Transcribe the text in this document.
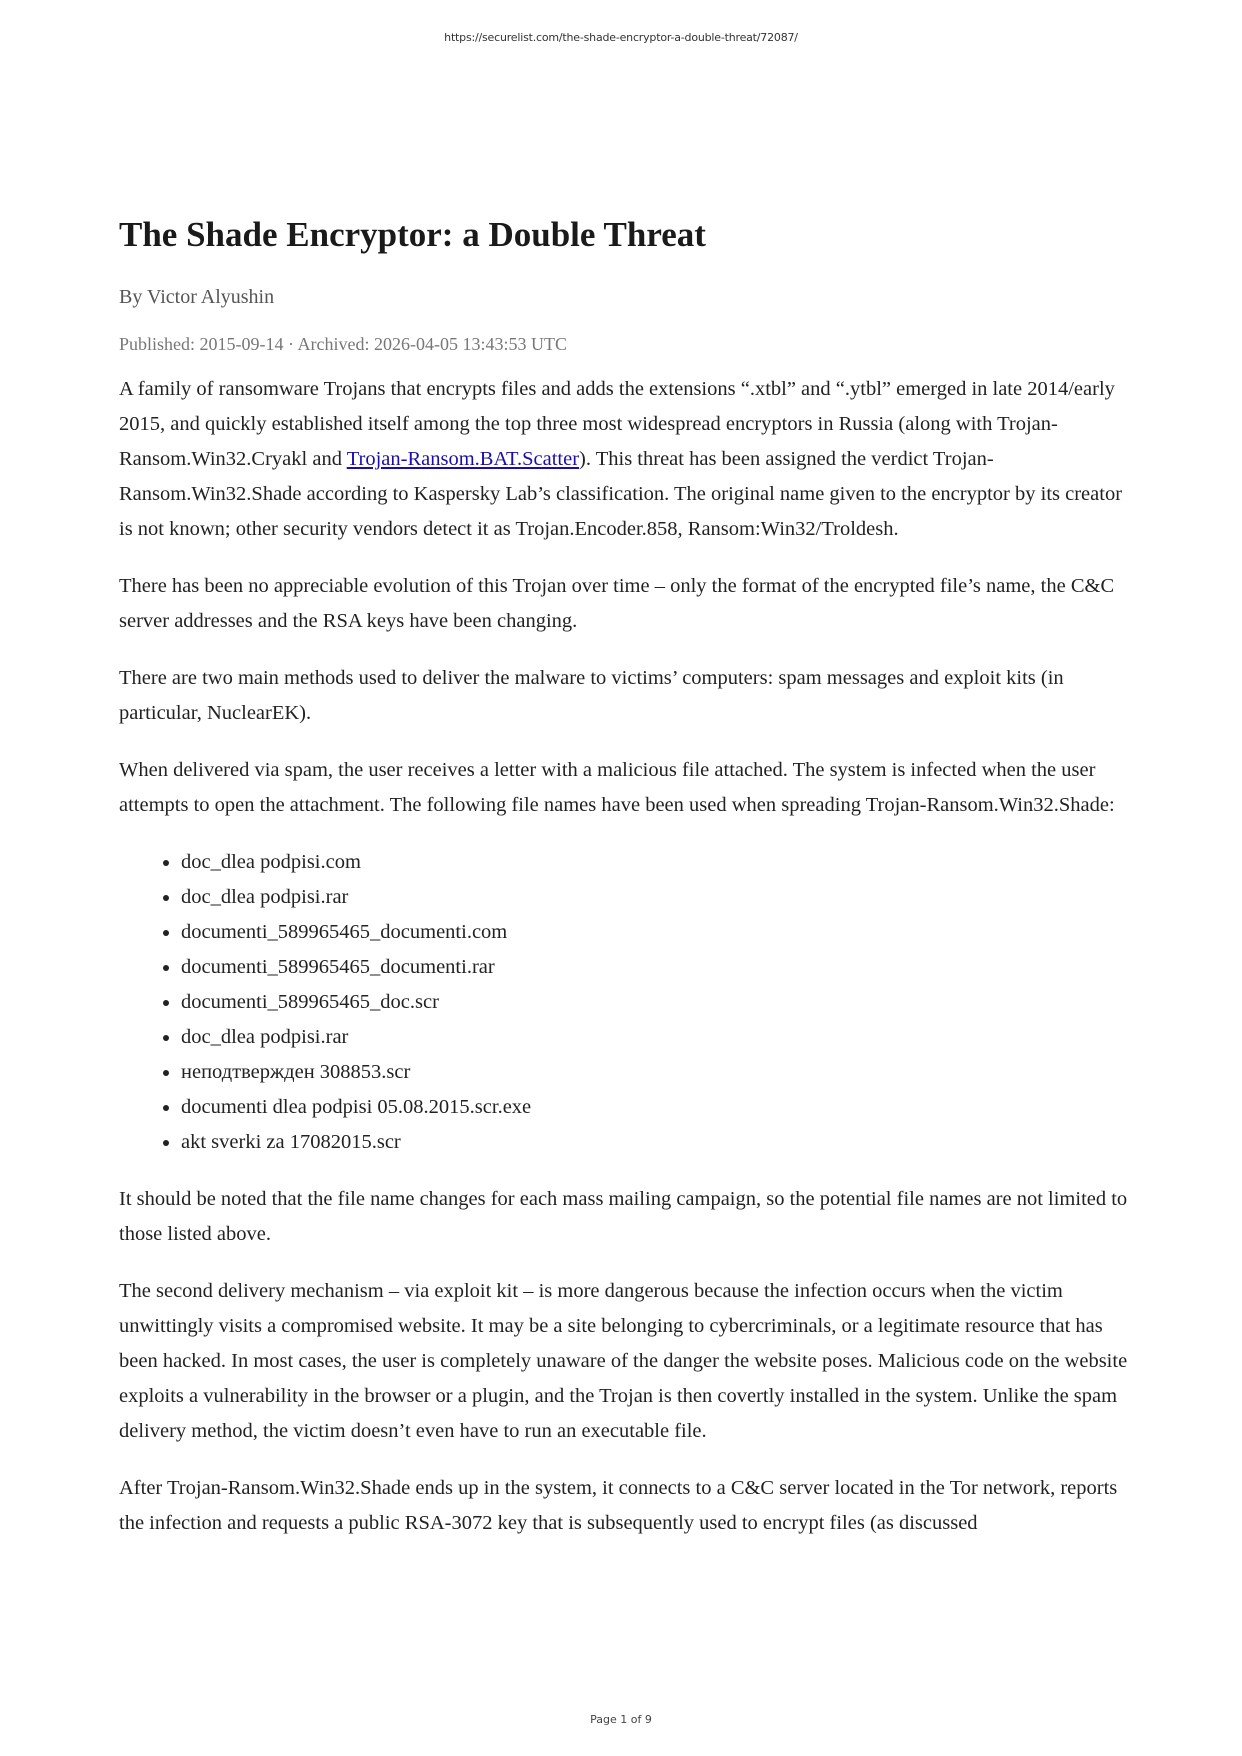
https://securelist.com/the-shade-encryptor-a-double-threat/72087/
The Shade Encryptor: a Double Threat
By Victor Alyushin
Published: 2015-09-14 · Archived: 2026-04-05 13:43:53 UTC

A family of ransomware Trojans that encrypts files and adds the extensions “.xtbl” and “.ytbl” emerged in late 2014/early 2015, and quickly established itself among the top three most widespread encryptors in Russia (along with Trojan-Ransom.Win32.Cryakl and Trojan-Ransom.BAT.Scatter). This threat has been assigned the verdict Trojan-Ransom.Win32.Shade according to Kaspersky Lab’s classification. The original name given to the encryptor by its creator is not known; other security vendors detect it as Trojan.Encoder.858, Ransom:Win32/Troldesh.

There has been no appreciable evolution of this Trojan over time – only the format of the encrypted file’s name, the C&C server addresses and the RSA keys have been changing.

There are two main methods used to deliver the malware to victims’ computers: spam messages and exploit kits (in particular, NuclearEK).

When delivered via spam, the user receives a letter with a malicious file attached. The system is infected when the user attempts to open the attachment. The following file names have been used when spreading Trojan-Ransom.Win32.Shade:

• doc_dlea podpisi.com
• doc_dlea podpisi.rar
• documenti_589965465_documenti.com
• documenti_589965465_documenti.rar
• documenti_589965465_doc.scr
• doc_dlea podpisi.rar
• неподтвержден 308853.scr
• documenti dlea podpisi 05.08.2015.scr.exe
• akt sverki za 17082015.scr

It should be noted that the file name changes for each mass mailing campaign, so the potential file names are not limited to those listed above.

The second delivery mechanism – via exploit kit – is more dangerous because the infection occurs when the victim unwittingly visits a compromised website. It may be a site belonging to cybercriminals, or a legitimate resource that has been hacked. In most cases, the user is completely unaware of the danger the website poses. Malicious code on the website exploits a vulnerability in the browser or a plugin, and the Trojan is then covertly installed in the system. Unlike the spam delivery method, the victim doesn’t even have to run an executable file.

After Trojan-Ransom.Win32.Shade ends up in the system, it connects to a C&C server located in the Tor network, reports the infection and requests a public RSA-3072 key that is subsequently used to encrypt files (as discussed

Page 1 of 9
